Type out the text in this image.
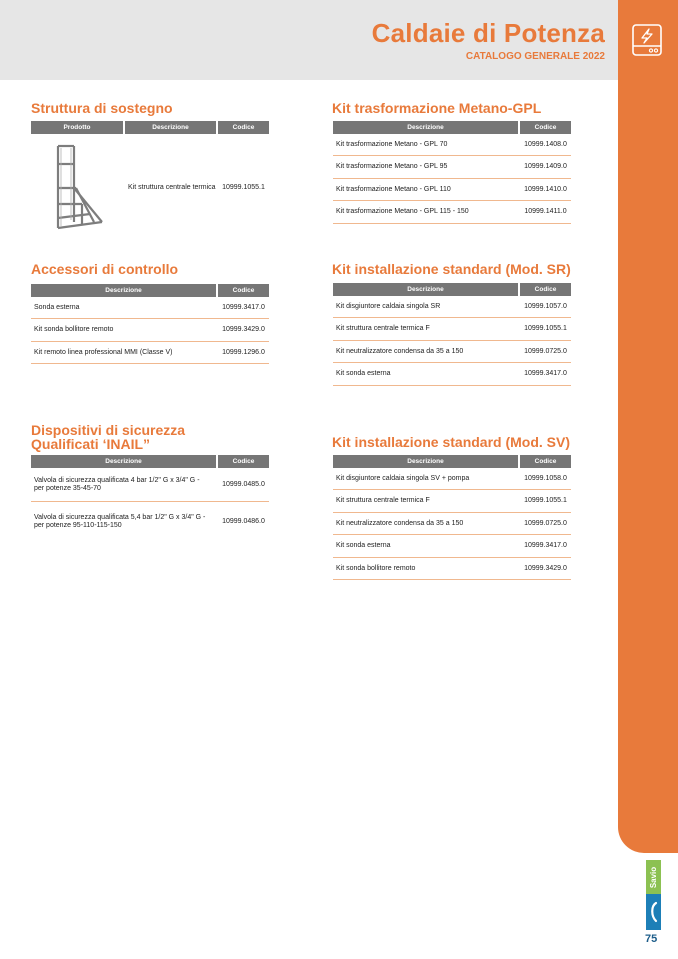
Caldaie di Potenza
CATALOGO GENERALE 2022
Struttura di sostegno
Prodotto	Descrizione	Codice
Kit struttura centrale termica 10999.1055.1
Kit trasformazione Metano-GPL
Descrizione	Codice
Kit trasformazione Metano - GPL 70	10999.1408.0
Kit trasformazione Metano - GPL 95	10999.1409.0
Kit trasformazione Metano - GPL 110	10999.1410.0
Kit trasformazione Metano - GPL 115 - 150	10999.1411.0
Accessori di controllo
Descrizione	Codice
Sonda esterna	10999.3417.0
Kit sonda bollitore remoto	10999.3429.0
Kit remoto linea professional MMI (Classe V)	10999.1296.0
Kit installazione standard (Mod. SR)
Descrizione	Codice
Kit disgiuntore caldaia singola SR	10999.1057.0
Kit struttura centrale termica F	10999.1055.1
Kit neutralizzatore condensa da 35 a 150	10999.0725.0
Kit sonda esterna	10999.3417.0
Dispositivi di sicurezza
Qualificati ‘INAIL”
Descrizione	Codice
Valvola di sicurezza qualificata 4 bar 1/2" G x 3/4" G -
per potenze 35-45-70
10999.0485.0
Valvola di sicurezza qualificata 5,4 bar 1/2" G x 3/4" G -
per potenze 95-110-115-150
10999.0486.0
Kit installazione standard (Mod. SV)
Descrizione	Codice
Kit disgiuntore caldaia singola SV + pompa	10999.1058.0
Kit struttura centrale termica F	10999.1055.1
Kit neutralizzatore condensa da 35 a 150	10999.0725.0
Kit sonda esterna	10999.3417.0
Kit sonda bollitore remoto	10999.3429.0
Savio
75
